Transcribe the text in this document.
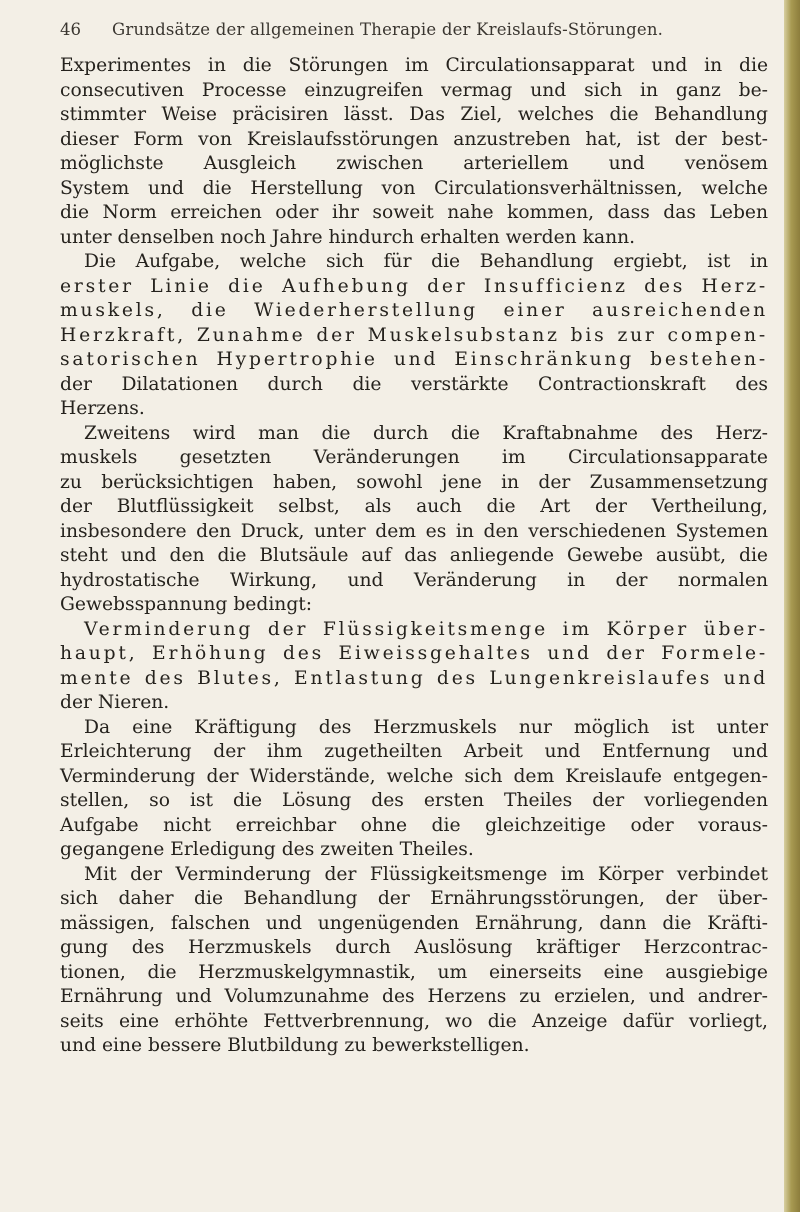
46 Grundsätze der allgemeinen Therapie der Kreislaufs-Störungen.
Experimentes in die Störungen im Circulationsapparat und in die
consecutiven Processe einzugreifen vermag und sich in ganz be-
stimmter Weise präcisiren lässt. Das Ziel, welches die Behandlung
dieser Form von Kreislaufsstörungen anzustreben hat, ist der best-
möglichste Ausgleich zwischen arteriellem und venösem
System und die Herstellung von Circulationsverhältnissen, welche
die Norm erreichen oder ihr soweit nahe kommen, dass das Leben
unter denselben noch Jahre hindurch erhalten werden kann.
Die Aufgabe, welche sich für die Behandlung ergiebt, ist in
erster Linie die Aufhebung der Insufficienz des Herz-
muskels, die Wiederherstellung einer ausreichenden
Herzkraft, Zunahme der Muskelsubstanz bis zur compen-
satorischen Hypertrophie und Einschränkung bestehen-
der Dilatationen durch die verstärkte Contractionskraft des
Herzens.
Zweitens wird man die durch die Kraftabnahme des Herz-
muskels gesetzten Veränderungen im Circulationsapparate
zu berücksichtigen haben, sowohl jene in der Zusammensetzung
der Blutflüssigkeit selbst, als auch die Art der Vertheilung,
insbesondere den Druck, unter dem es in den verschiedenen Systemen
steht und den die Blutsäule auf das anliegende Gewebe ausübt, die
hydrostatische Wirkung, und Veränderung in der normalen
Gewebsspannung bedingt:
Verminderung der Flüssigkeitsmenge im Körper über-
haupt, Erhöhung des Eiweissgehaltes und der Formele-
mente des Blutes, Entlastung des Lungenkreislaufes und
der Nieren.
Da eine Kräftigung des Herzmuskels nur möglich ist unter
Erleichterung der ihm zugetheilten Arbeit und Entfernung und
Verminderung der Widerstände, welche sich dem Kreislaufe entgegen-
stellen, so ist die Lösung des ersten Theiles der vorliegenden
Aufgabe nicht erreichbar ohne die gleichzeitige oder voraus-
gegangene Erledigung des zweiten Theiles.
Mit der Verminderung der Flüssigkeitsmenge im Körper verbindet
sich daher die Behandlung der Ernährungsstörungen, der über-
mässigen, falschen und ungenügenden Ernährung, dann die Kräfti-
gung des Herzmuskels durch Auslösung kräftiger Herzcontrac-
tionen, die Herzmuskelgymnastik, um einerseits eine ausgiebige
Ernährung und Volumzunahme des Herzens zu erzielen, und andrer-
seits eine erhöhte Fettverbrennung, wo die Anzeige dafür vorliegt,
und eine bessere Blutbildung zu bewerkstelligen.
